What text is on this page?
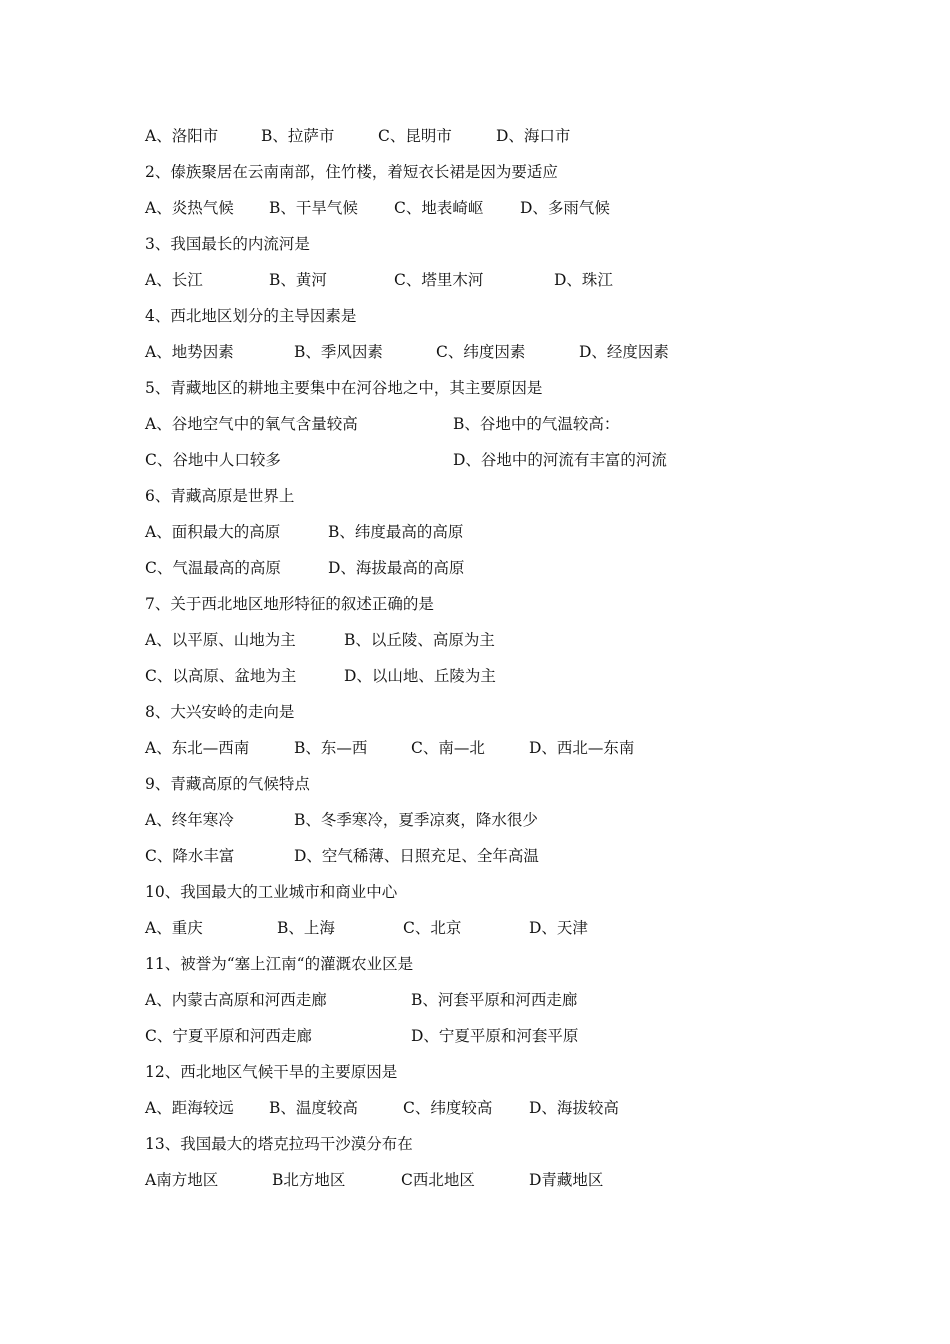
A、洛阳市	B、拉萨市	C、昆明市	D、海口市
2、傣族聚居在云南南部，住竹楼，着短衣长裙是因为要适应
A、炎热气候 B、干旱气候 C、地表崎岖 D、多雨气候
3、我国最长的内流河是
A、长江	B、黄河	C、塔里木河	D、珠江
4、西北地区划分的主导因素是
A、地势因素	B、季风因素	C、纬度因素	D、经度因素
5、青藏地区的耕地主要集中在河谷地之中，其主要原因是
A、谷地空气中的氧气含量较高	B、谷地中的气温较高：
C、谷地中人口较多	D、谷地中的河流有丰富的河流
6、青藏高原是世界上
A、面积最大的高原	B、纬度最高的高原
C、气温最高的高原	D、海拔最高的高原
7、关于西北地区地形特征的叙述正确的是
A、以平原、山地为主	B、以丘陵、高原为主
C、以高原、盆地为主	D、以山地、丘陵为主
8、大兴安岭的走向是
A、东北—西南	B、东—西	C、南—北	D、西北—东南
9、青藏高原的气候特点
A、终年寒冷	B、冬季寒冷，夏季凉爽，降水很少
C、降水丰富	D、空气稀薄、日照充足、全年高温
10、我国最大的工业城市和商业中心
A、重庆	B、上海	C、北京	D、天津
11、被誉为“塞上江南“的灌溉农业区是
A、内蒙古高原和河西走廊	B、河套平原和河西走廊
C、宁夏平原和河西走廊	D、宁夏平原和河套平原
12、西北地区气候干旱的主要原因是
A、距海较远 B、温度较高	C、纬度较高 D、海拔较高
13、我国最大的塔克拉玛干沙漠分布在
A南方地区	B北方地区	C西北地区	D青藏地区
